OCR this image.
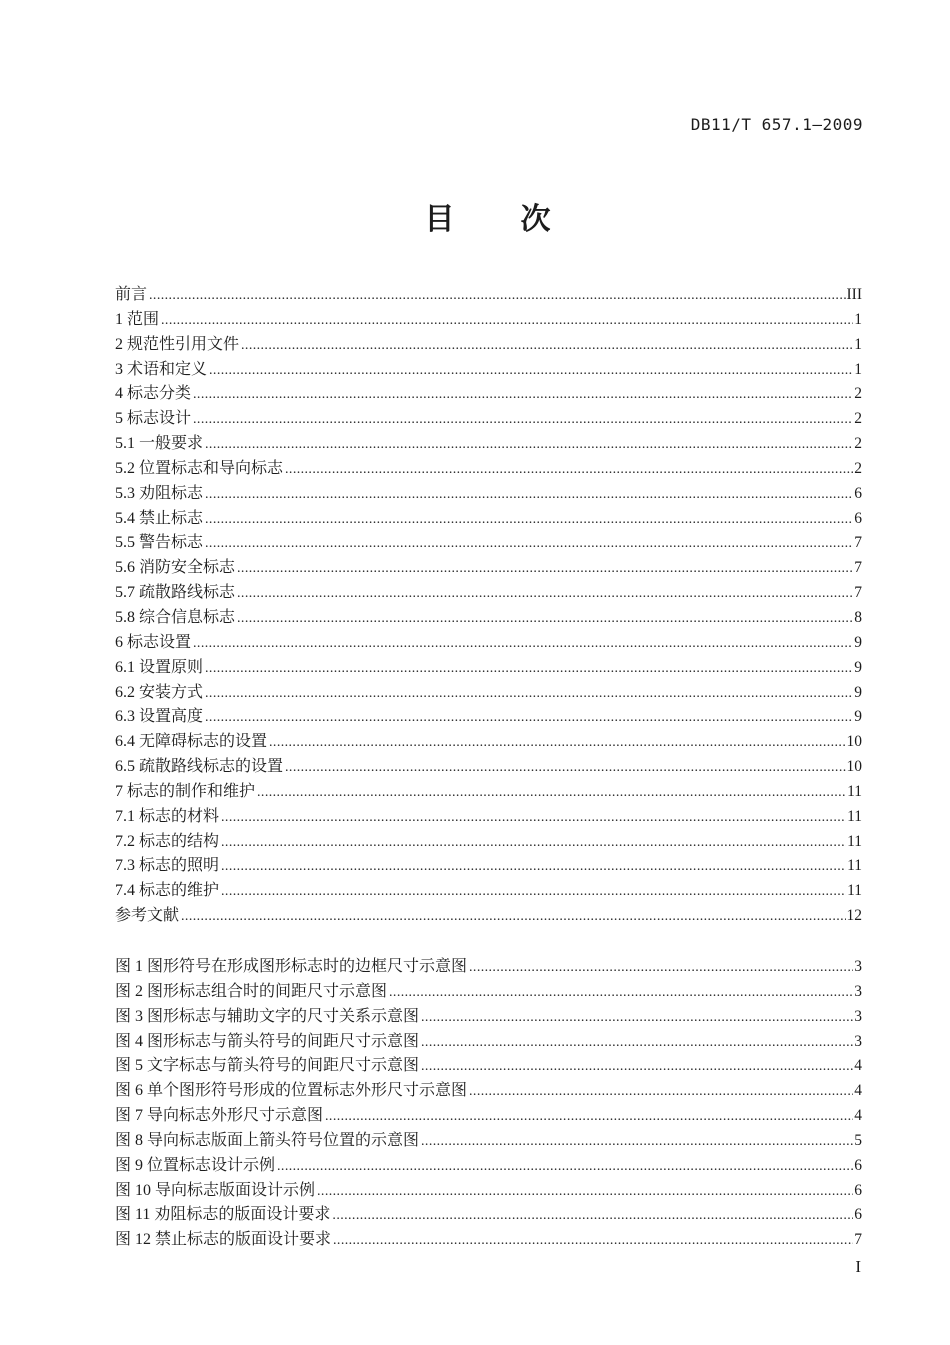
DB11/T 657.1—2009
目　　次
前言 .....	III
1 范围 .....	1
2 规范性引用文件 .....	1
3 术语和定义 .....	1
4 标志分类 .....	2
5 标志设计 .....	2
5.1 一般要求 .....	2
5.2 位置标志和导向标志 .....	2
5.3 劝阻标志 .....	6
5.4 禁止标志 .....	6
5.5 警告标志 .....	7
5.6 消防安全标志 .....	7
5.7 疏散路线标志 .....	7
5.8 综合信息标志 .....	8
6 标志设置 .....	9
6.1 设置原则 .....	9
6.2 安装方式 .....	9
6.3 设置高度 .....	9
6.4 无障碍标志的设置 .....	10
6.5 疏散路线标志的设置 .....	10
7 标志的制作和维护 .....	11
7.1 标志的材料 .....	11
7.2 标志的结构 .....	11
7.3 标志的照明 .....	11
7.4 标志的维护 .....	11
参考文献 .....	12
图 1 图形符号在形成图形标志时的边框尺寸示意图 .....	3
图 2 图形标志组合时的间距尺寸示意图 .....	3
图 3 图形标志与辅助文字的尺寸关系示意图 .....	3
图 4 图形标志与箭头符号的间距尺寸示意图 .....	3
图 5 文字标志与箭头符号的间距尺寸示意图 .....	4
图 6 单个图形符号形成的位置标志外形尺寸示意图 .....	4
图 7 导向标志外形尺寸示意图 .....	4
图 8 导向标志版面上箭头符号位置的示意图 .....	5
图 9 位置标志设计示例 .....	6
图 10 导向标志版面设计示例 .....	6
图 11 劝阻标志的版面设计要求 .....	6
图 12 禁止标志的版面设计要求 .....	7
I
